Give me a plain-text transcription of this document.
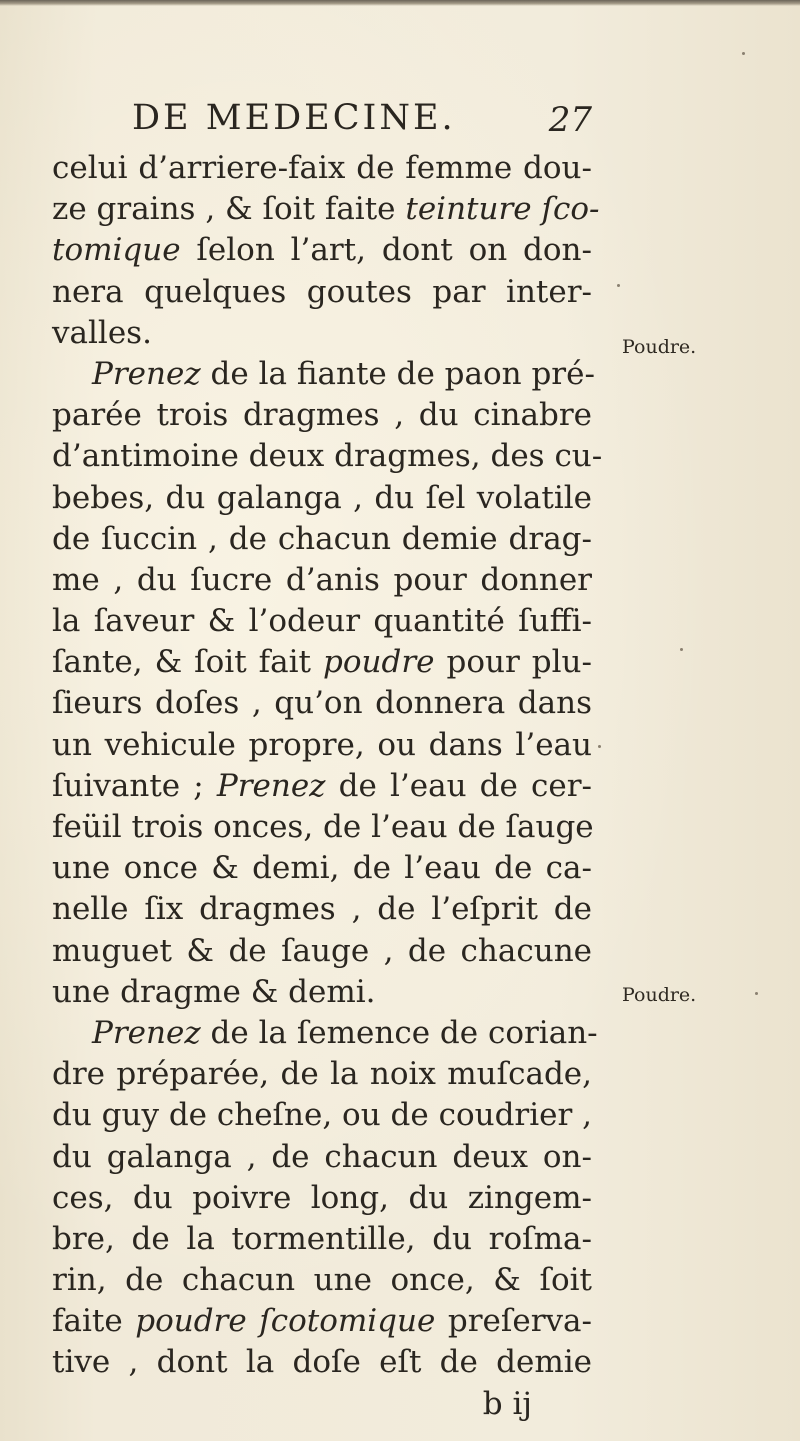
DE MEDECINE.	27
celui d’arriere-faix de femme dou-
ze grains , & ſoit faite teinture ſco-
tomique ſelon l’art, dont on don-
nera quelques goutes par inter-
valles.
Prenez de la fiante de paon pré-
parée trois dragmes , du cinabre
d’antimoine deux dragmes, des cu-
bebes, du galanga , du ſel volatile
de ſuccin , de chacun demie drag-
me , du ſucre d’anis pour donner
la ſaveur & l’odeur quantité ſuffi-
ſante, & ſoit fait poudre pour plu-
ſieurs doſes , qu’on donnera dans
un vehicule propre, ou dans l’eau
ſuivante ; Prenez de l’eau de cer-
feüil trois onces, de l’eau de ſauge
une once & demi, de l’eau de ca-
nelle ſix dragmes , de l’eſprit de
muguet & de ſauge , de chacune
une dragme & demi.
Prenez de la ſemence de corian-
dre préparée, de la noix muſcade,
du guy de cheſne, ou de coudrier ,
du galanga , de chacun deux on-
ces, du poivre long, du zingem-
bre, de la tormentille, du roſma-
rin, de chacun une once, & ſoit
faite poudre ſcotomique preſerva-
tive , dont la doſe eſt de demie
b ij
Poudre.
Poudre.
